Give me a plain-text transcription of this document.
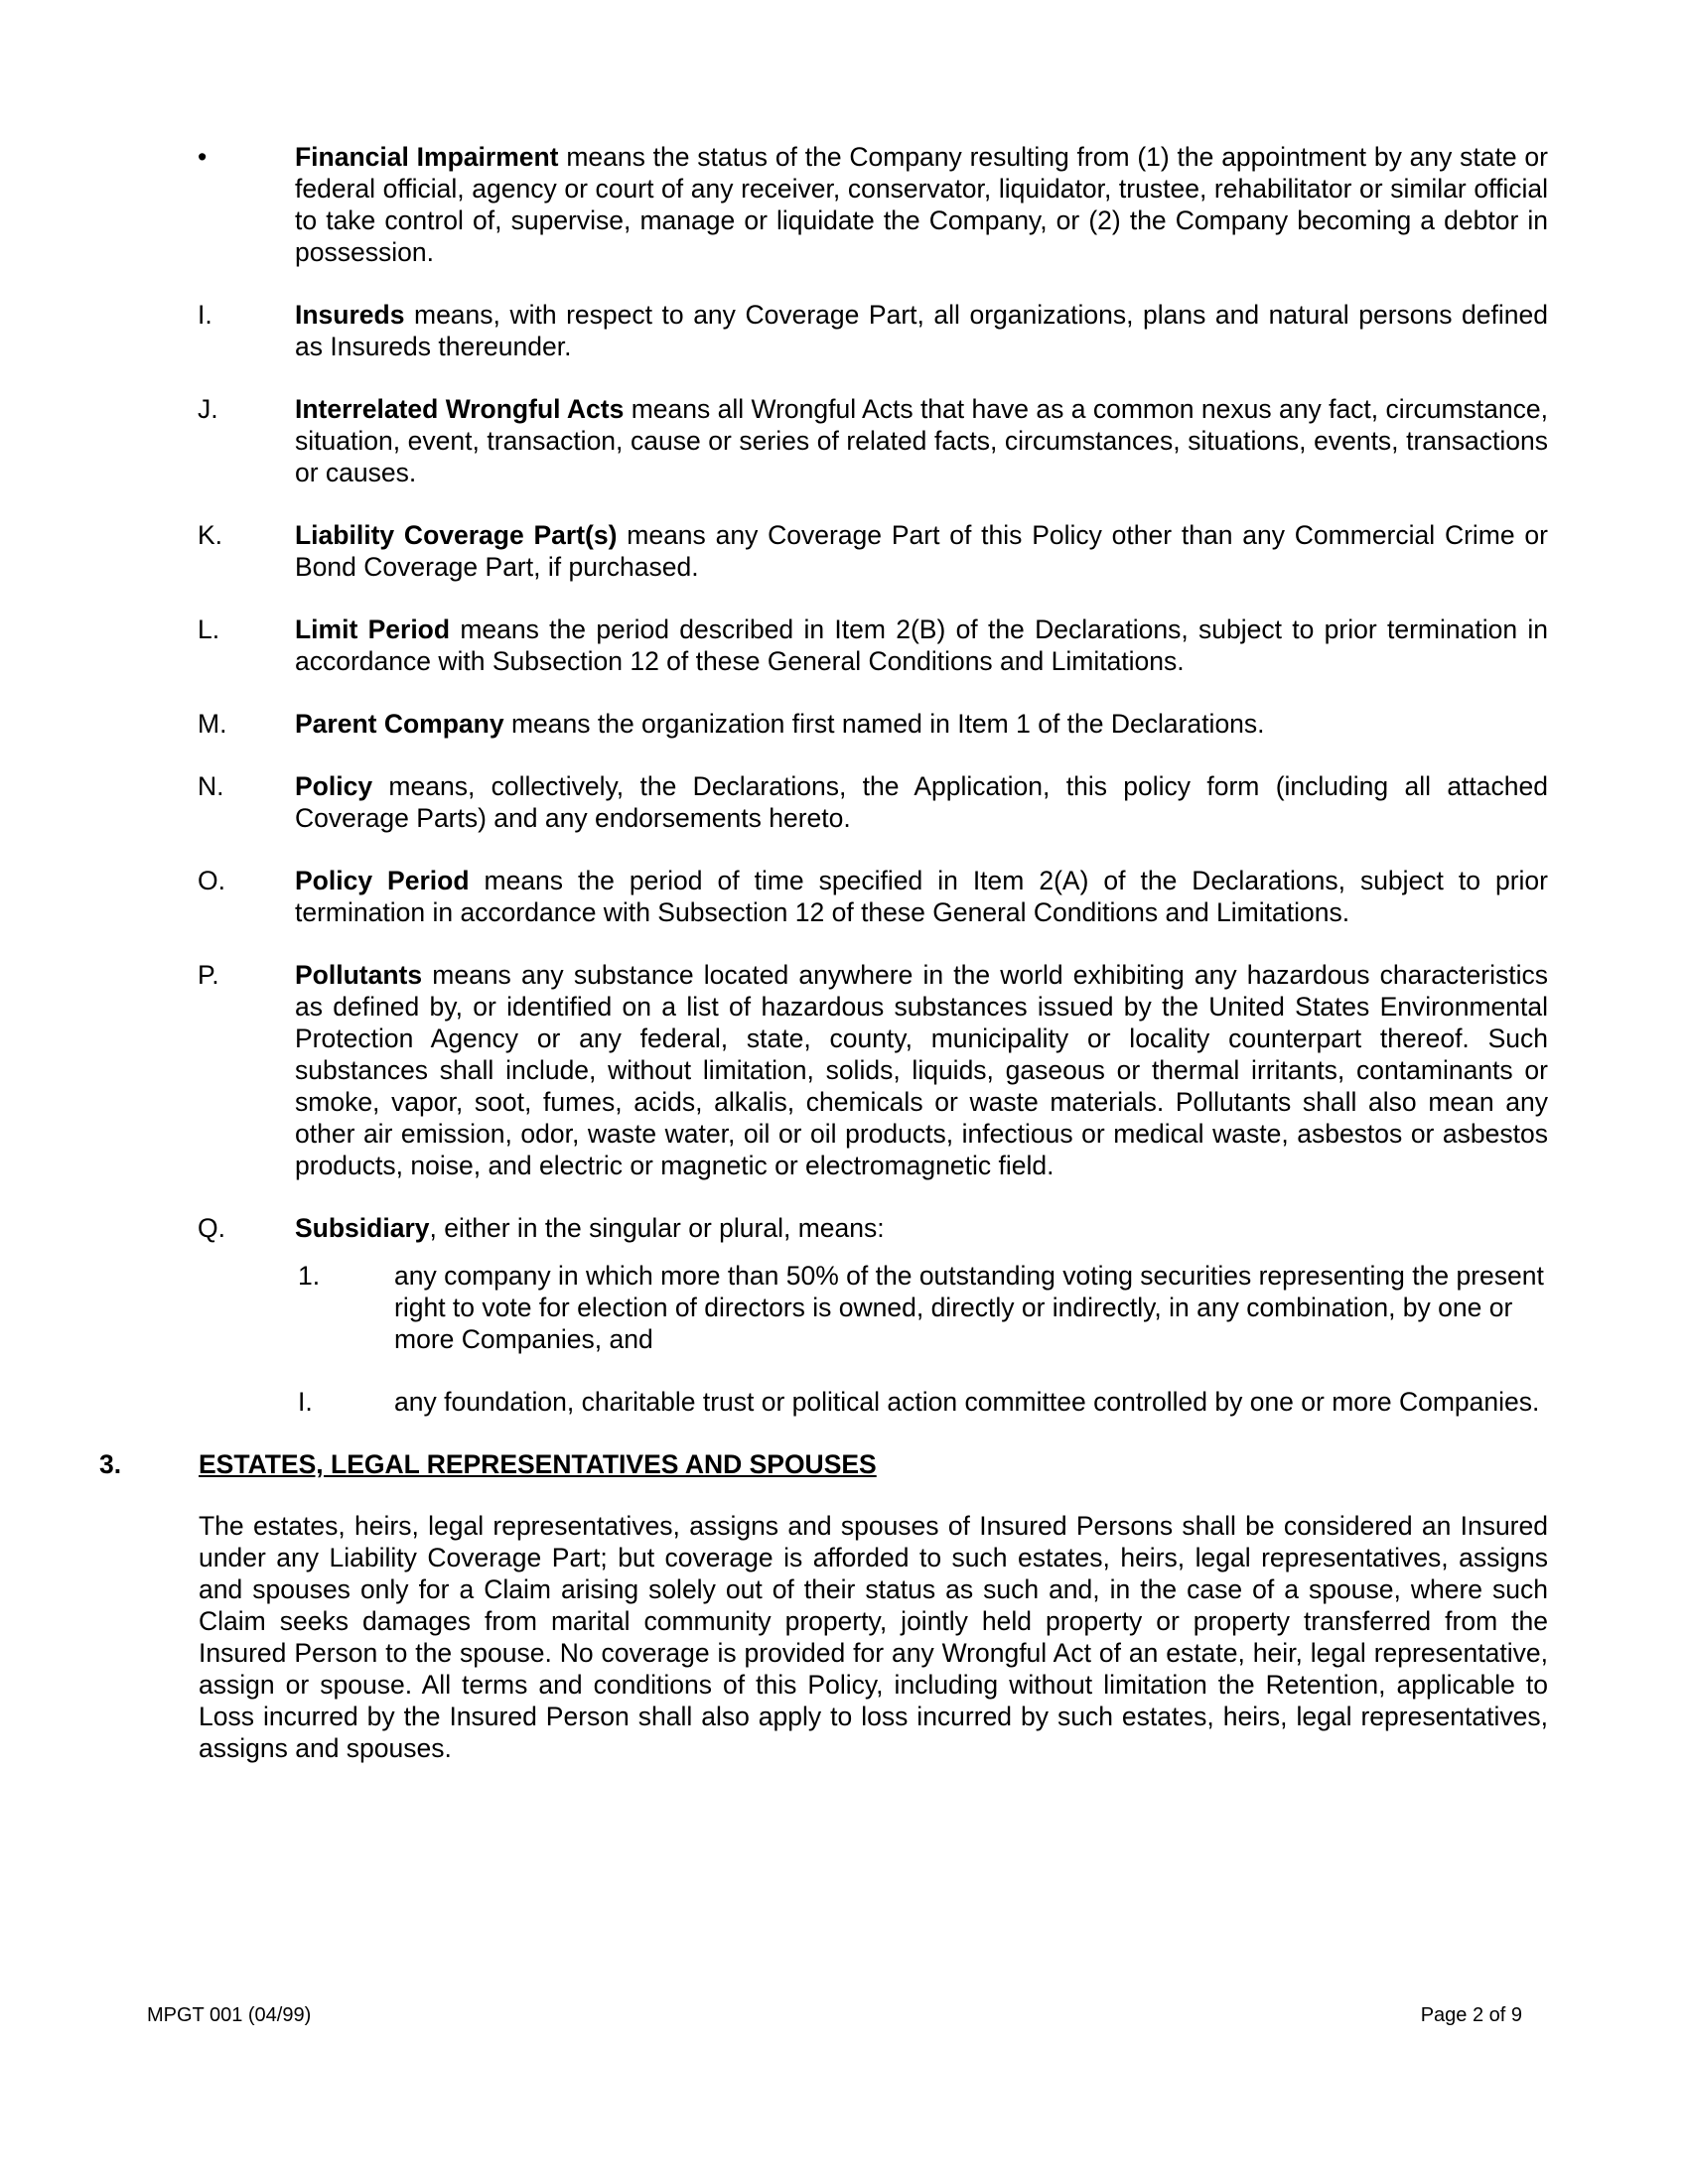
•	Financial Impairment means the status of the Company resulting from (1) the appointment by any state or federal official, agency or court of any receiver, conservator, liquidator, trustee, rehabilitator or similar official to take control of, supervise, manage or liquidate the Company, or (2) the Company becoming a debtor in possession.
I.	Insureds means, with respect to any Coverage Part, all organizations, plans and natural persons defined as Insureds thereunder.
J.	Interrelated Wrongful Acts means all Wrongful Acts that have as a common nexus any fact, circumstance, situation, event, transaction, cause or series of related facts, circumstances, situations, events, transactions or causes.
K.	Liability Coverage Part(s) means any Coverage Part of this Policy other than any Commercial Crime or Bond Coverage Part, if purchased.
L.	Limit Period means the period described in Item 2(B) of the Declarations, subject to prior termination in accordance with Subsection 12 of these General Conditions and Limitations.
M.	Parent Company means the organization first named in Item 1 of the Declarations.
N.	Policy means, collectively, the Declarations, the Application, this policy form (including all attached Coverage Parts) and any endorsements hereto.
O.	Policy Period means the period of time specified in Item 2(A) of the Declarations, subject to prior termination in accordance with Subsection 12 of these General Conditions and Limitations.
P.	Pollutants means any substance located anywhere in the world exhibiting any hazardous characteristics as defined by, or identified on a list of hazardous substances issued by the United States Environmental Protection Agency or any federal, state, county, municipality or locality counterpart thereof. Such substances shall include, without limitation, solids, liquids, gaseous or thermal irritants, contaminants or smoke, vapor, soot, fumes, acids, alkalis, chemicals or waste materials. Pollutants shall also mean any other air emission, odor, waste water, oil or oil products, infectious or medical waste, asbestos or asbestos products, noise, and electric or magnetic or electromagnetic field.
Q.	Subsidiary, either in the singular or plural, means:
1.	any company in which more than 50% of the outstanding voting securities representing the present right to vote for election of directors is owned, directly or indirectly, in any combination, by one or more Companies, and
I.	any foundation, charitable trust or political action committee controlled by one or more Companies.
3.	ESTATES, LEGAL REPRESENTATIVES AND SPOUSES
The estates, heirs, legal representatives, assigns and spouses of Insured Persons shall be considered an Insured under any Liability Coverage Part; but coverage is afforded to such estates, heirs, legal representatives, assigns and spouses only for a Claim arising solely out of their status as such and, in the case of a spouse, where such Claim seeks damages from marital community property, jointly held property or property transferred from the Insured Person to the spouse. No coverage is provided for any Wrongful Act of an estate, heir, legal representative, assign or spouse. All terms and conditions of this Policy, including without limitation the Retention, applicable to Loss incurred by the Insured Person shall also apply to loss incurred by such estates, heirs, legal representatives, assigns and spouses.
MPGT 001 (04/99)	Page 2 of 9
